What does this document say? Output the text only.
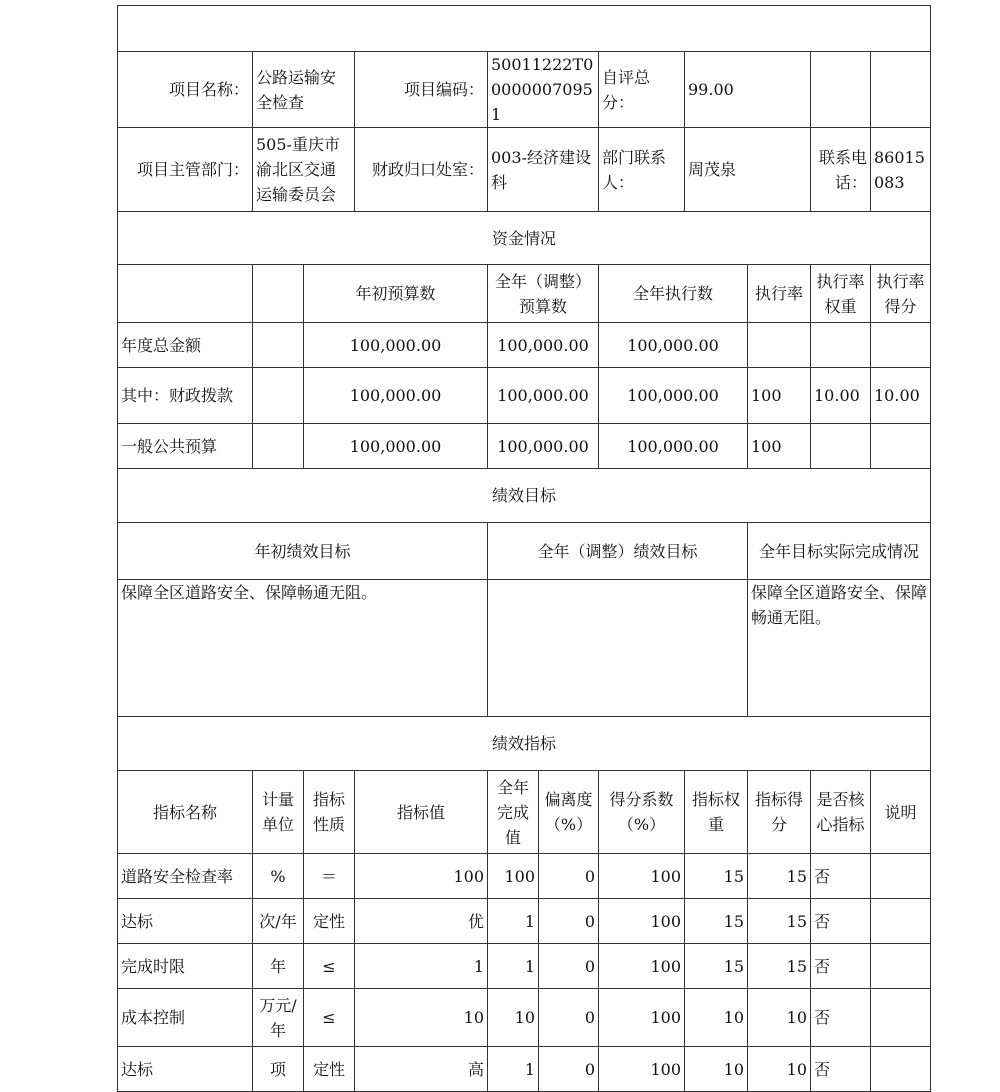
项目名称：	公路运输安全检查		项目编码：	50011222T000000070951		自评总分：	99.00			
项目主管部门：	505-重庆市渝北区交通运输委员会		财政归口处室：	003-经济建设科		部门联系人：	周茂泉		联系电话：	86015083
资金情况										
		年初预算数		全年（调整）预算数		全年执行数		执行率	执行率权重	执行率得分
年度总金额		100,000.00		100,000.00		100,000.00				
其中：财政拨款		100,000.00		100,000.00		100,000.00		100	10.00	10.00
一般公共预算		100,000.00		100,000.00		100,000.00		100		
绩效目标										
年初绩效目标				全年（调整）绩效目标				全年目标实际完成情况		
保障全区道路安全、保障畅通无阻。								保障全区道路安全、保障畅通无阻。		
绩效指标										
指标名称	计量单位	指标性质	指标值	全年完成值	偏离度（%）	得分系数（%）	指标权重	指标得分	是否核心指标	说明
道路安全检查率	%	＝	100	100	0	100	15	15	否	
达标	次/年	定性	优	1	0	100	15	15	否	
完成时限	年	≤	1	1	0	100	15	15	否	
成本控制	万元/年	≤	10	10	0	100	10	10	否	
达标	项	定性	高	1	0	100	10	10	否	
